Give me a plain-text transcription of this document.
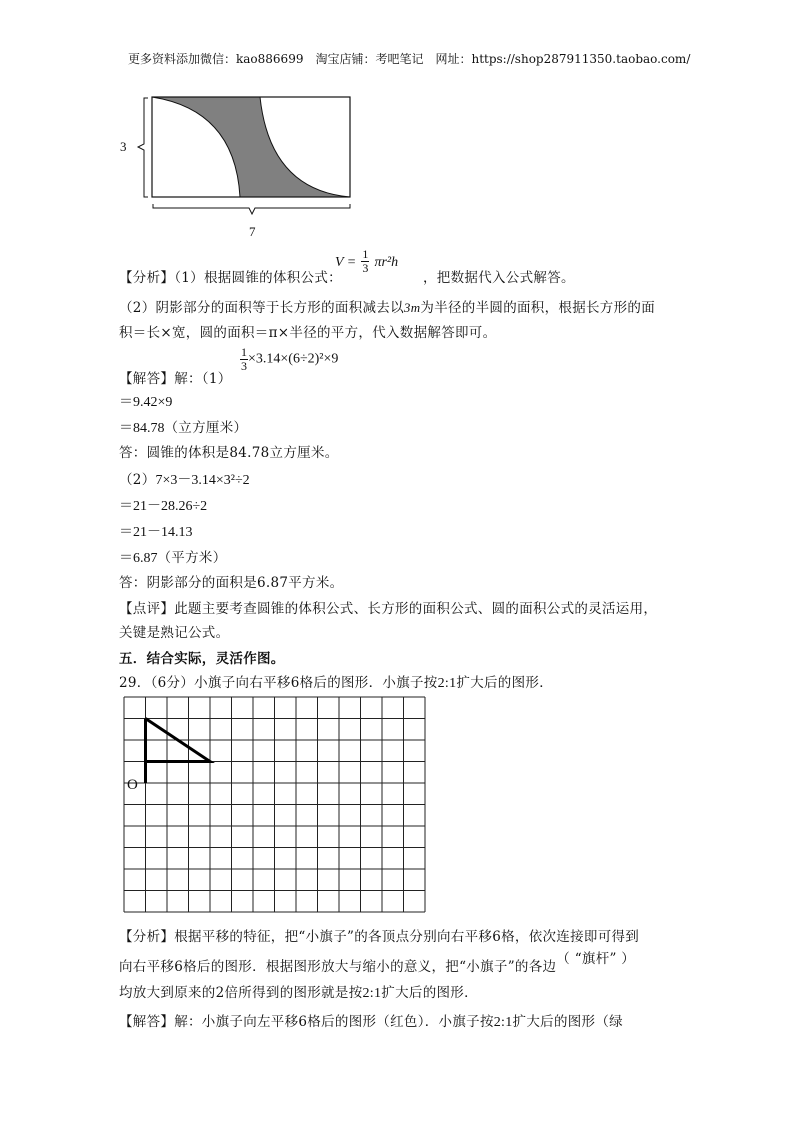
更多资料添加微信：kao886699　淘宝店铺：考吧笔记　网址：https://shop287911350.taobao.com/
3
7
【分析】（1）根据圆锥的体积公式：
$V = \frac{1}{3} \pi r^2h$
，把数据代入公式解答。
（2）阴影部分的面积等于长方形的面积减去以3m为半径的半圆的面积，根据长方形的面
积＝长×宽，圆的面积＝π×半径的平方，代入数据解答即可。
【解答】解：（1）
$\frac{1}{3} \times 3.14\times(6\div 2)^2\times 9$
＝9.42×9
＝84.78（立方厘米）
答：圆锥的体积是84.78立方厘米。
（2）7×3－3.14×3²÷2
＝21－28.26÷2
＝21－14.13
＝6.87（平方米）
答：阴影部分的面积是6.87平方米。
【点评】此题主要考查圆锥的体积公式、长方形的面积公式、圆的面积公式的灵活运用，
关键是熟记公式。
五．结合实际，灵活作图。
29．（6分）小旗子向右平移6格后的图形．小旗子按2:1扩大后的图形．
O
【分析】根据平移的特征，把“小旗子”的各顶点分别向右平移6格，依次连接即可得到
向右平移6格后的图形．根据图形放大与缩小的意义，把“小旗子”的各边（ “旗杆” ）
均放大到原来的2倍所得到的图形就是按2:1扩大后的图形．
【解答】解：小旗子向左平移6格后的图形（红色）．小旗子按2:1扩大后的图形（绿
